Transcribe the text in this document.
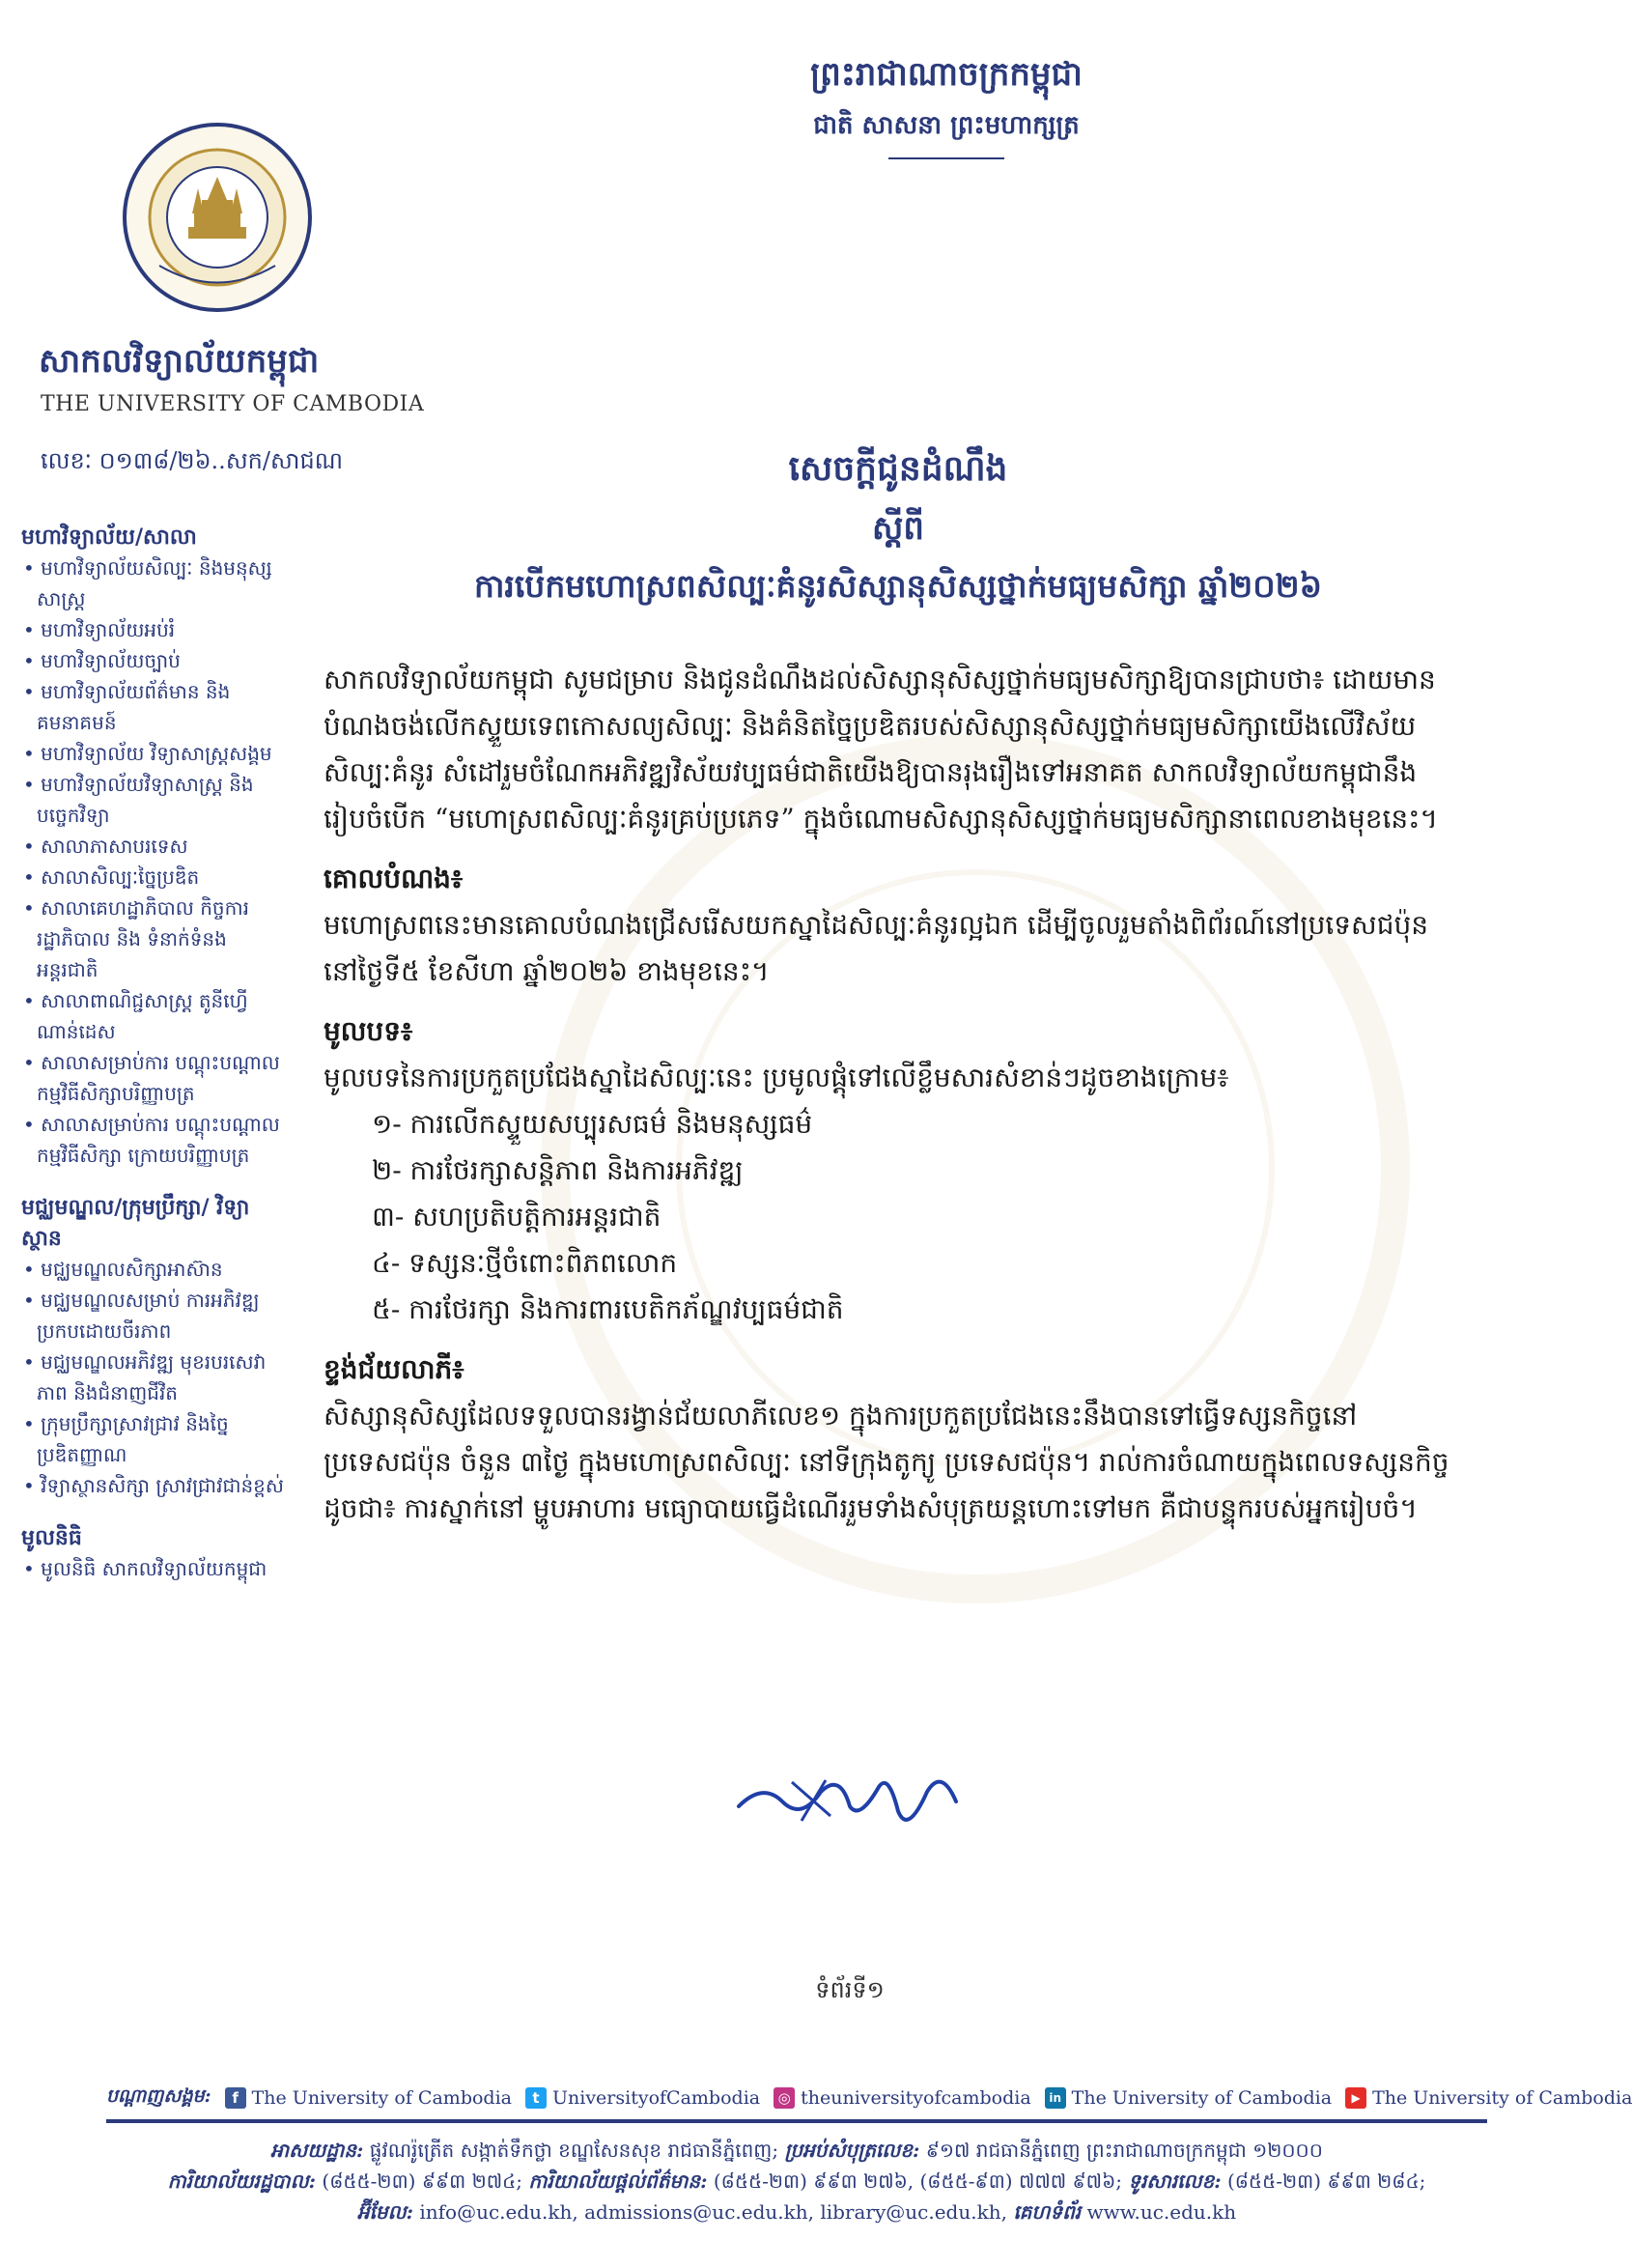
ព្រះរាជាណាចក្រកម្ពុជា
ជាតិ សាសនា ព្រះមហាក្សត្រ
សាកលវិទ្យាល័យកម្ពុជា
THE UNIVERSITY OF CAMBODIA
លេខៈ ០១៣៨/២៦..សក/សាជណ
មហាវិទ្យាល័យ/សាលា
• មហាវិទ្យាល័យសិល្បៈ និងមនុស្សសាស្ត្រ
• មហាវិទ្យាល័យអប់រំ
• មហាវិទ្យាល័យច្បាប់
• មហាវិទ្យាល័យព័ត៌មាន និងគមនាគមន៍
• មហាវិទ្យាល័យ វិទ្យាសាស្ត្រសង្គម
• មហាវិទ្យាល័យវិទ្យាសាស្ត្រ និងបច្ចេកវិទ្យា
• សាលាភាសាបរទេស
• សាលាសិល្បៈច្នៃប្រឌិត
• សាលាគេហដ្ឋាភិបាល កិច្ចការរដ្ឋាភិបាល និង ទំនាក់ទំនងអន្តរជាតិ
• សាលាពាណិជ្ជសាស្ត្រ តូនីហ្វើណាន់ដេស
• សាលាសម្រាប់ការ បណ្តុះបណ្តាល កម្មវិធីសិក្សាបរិញ្ញាបត្រ
• សាលាសម្រាប់ការ បណ្តុះបណ្តាលកម្មវិធីសិក្សា ក្រោយបរិញ្ញាបត្រ
មជ្ឈមណ្ឌល/ក្រុមប្រឹក្សា/ វិទ្យាស្ថាន
• មជ្ឈមណ្ឌលសិក្សាអាស៊ាន
• មជ្ឈមណ្ឌលសម្រាប់ ការអភិវឌ្ឍ ប្រកបដោយចីរភាព
• មជ្ឈមណ្ឌលអភិវឌ្ឍ មុខរបរសេវាភាព និងជំនាញជីវិត
• ក្រុមប្រឹក្សាស្រាវជ្រាវ និងច្នៃប្រឌិតញ្ញាណ
• វិទ្យាស្ថានសិក្សា ស្រាវជ្រាវជាន់ខ្ពស់
មូលនិធិ
• មូលនិធិ សាកលវិទ្យាល័យកម្ពុជា
សេចក្តីជូនដំណឹង
ស្តីពី
ការបើកមហោស្រពសិល្បៈគំនូរសិស្សានុសិស្សថ្នាក់មធ្យមសិក្សា ឆ្នាំ២០២៦

សាកលវិទ្យាល័យកម្ពុជា សូមជម្រាប និងជូនដំណឹងដល់សិស្សានុសិស្សថ្នាក់មធ្យមសិក្សាឱ្យបានជ្រាបថា៖ ដោយមានបំណងចង់លើកស្ទួយទេពកោសល្យសិល្បៈ និងគំនិតច្នៃប្រឌិតរបស់សិស្សានុសិស្សថ្នាក់មធ្យមសិក្សាយើងលើវិស័យសិល្បៈគំនូរ សំដៅរួមចំណែកអភិវឌ្ឍវិស័យវប្បធម៌ជាតិយើងឱ្យបានរុងរឿងទៅអនាគត សាកលវិទ្យាល័យកម្ពុជានឹងរៀបចំបើក “មហោស្រពសិល្បៈគំនូរគ្រប់ប្រភេទ” ក្នុងចំណោមសិស្សានុសិស្សថ្នាក់មធ្យមសិក្សានាពេលខាងមុខនេះ។

គោលបំណង៖

មហោស្រពនេះមានគោលបំណងជ្រើសរើសយកស្នាដៃសិល្បៈគំនូរល្អឯក ដើម្បីចូលរួមតាំងពិព័រណ៍នៅប្រទេសជប៉ុន នៅថ្ងៃទី៥ ខែសីហា ឆ្នាំ២០២៦ ខាងមុខនេះ។

មូលបទ៖

មូលបទនៃការប្រកួតប្រជែងស្នាដៃសិល្បៈនេះ ប្រមូលផ្តុំទៅលើខ្លឹមសារសំខាន់ៗដូចខាងក្រោម៖

១- ការលើកស្ទួយសប្បុរសធម៌ និងមនុស្សធម៌
២- ការថែរក្សាសន្តិភាព និងការអភិវឌ្ឍ
៣- សហប្រតិបត្តិការអន្តរជាតិ
៤- ទស្សនៈថ្មីចំពោះពិភពលោក
៥- ការថែរក្សា និងការពារបេតិកភ័ណ្ឌវប្បធម៌ជាតិ
ខ្ទង់ជ័យលាភី៖

សិស្សានុសិស្សដែលទទួលបានរង្វាន់ជ័យលាភីលេខ១ ក្នុងការប្រកួតប្រជែងនេះនឹងបានទៅធ្វើទស្សនកិច្ចនៅប្រទេសជប៉ុន ចំនួន ៣ថ្ងៃ ក្នុងមហោស្រពសិល្បៈ នៅទីក្រុងតូក្យូ ប្រទេសជប៉ុន។ រាល់ការចំណាយក្នុងពេលទស្សនកិច្ច ដូចជា៖ ការស្នាក់នៅ ម្ហូបអាហារ មធ្យោបាយធ្វើដំណើររួមទាំងសំបុត្រយន្តហោះទៅមក គឺជាបន្ទុករបស់អ្នករៀបចំ។

ទំព័រទី១
បណ្តាញសង្គម:	f The University of Cambodia	t UniversityofCambodia ◎ theuniversityofcambodia	in The University of Cambodia	▶ The University of Cambodia
អាសយដ្ឋាន: ផ្លូវណរ៉ូត្រើត សង្កាត់ទឹកថ្លា ខណ្ឌសែនសុខ រាជធានីភ្នំពេញ; ប្រអប់សំបុត្រលេខ: ៩១៧ រាជធានីភ្នំពេញ ព្រះរាជាណាចក្រកម្ពុជា ១២០០០
ការិយាល័យរដ្ឋបាល: (៨៥៥-២៣) ៩៩៣ ២៧៤; ការិយាល័យផ្តល់ព័ត៌មាន: (៨៥៥-២៣) ៩៩៣ ២៧៦, (៨៥៥-៩៣) ៧៧៧ ៩៧៦; ទូរសារលេខ: (៨៥៥-២៣) ៩៩៣ ២៨៤;
អ៊ីមែល: info@uc.edu.kh, admissions@uc.edu.kh, library@uc.edu.kh, គេហទំព័រ www.uc.edu.kh
